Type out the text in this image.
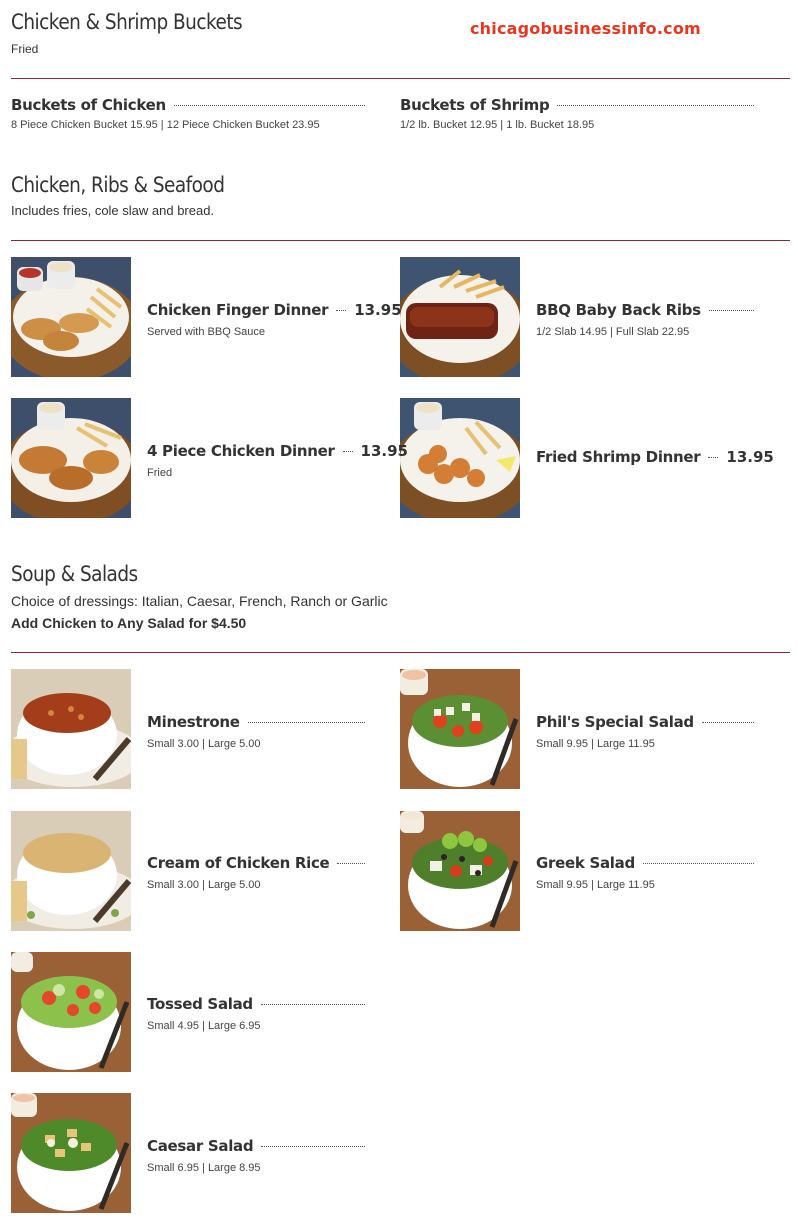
chicagobusinessinfo.com
Chicken & Shrimp Buckets
Fried
Buckets of Chicken
8 Piece Chicken Bucket 15.95 | 12 Piece Chicken Bucket 23.95
Buckets of Shrimp
1/2 lb. Bucket 12.95 | 1 lb. Bucket 18.95
Chicken, Ribs & Seafood
Includes fries, cole slaw and bread.
Chicken Finger Dinner 13.95
Served with BBQ Sauce
BBQ Baby Back Ribs
1/2 Slab 14.95 | Full Slab 22.95
4 Piece Chicken Dinner 13.95
Fried
Fried Shrimp Dinner 13.95
Soup & Salads
Choice of dressings: Italian, Caesar, French, Ranch or Garlic
Add Chicken to Any Salad for $4.50
Minestrone
Small 3.00 | Large 5.00
Phil's Special Salad
Small 9.95 | Large 11.95
Cream of Chicken Rice
Small 3.00 | Large 5.00
Greek Salad
Small 9.95 | Large 11.95
Tossed Salad
Small 4.95 | Large 6.95
Caesar Salad
Small 6.95 | Large 8.95
